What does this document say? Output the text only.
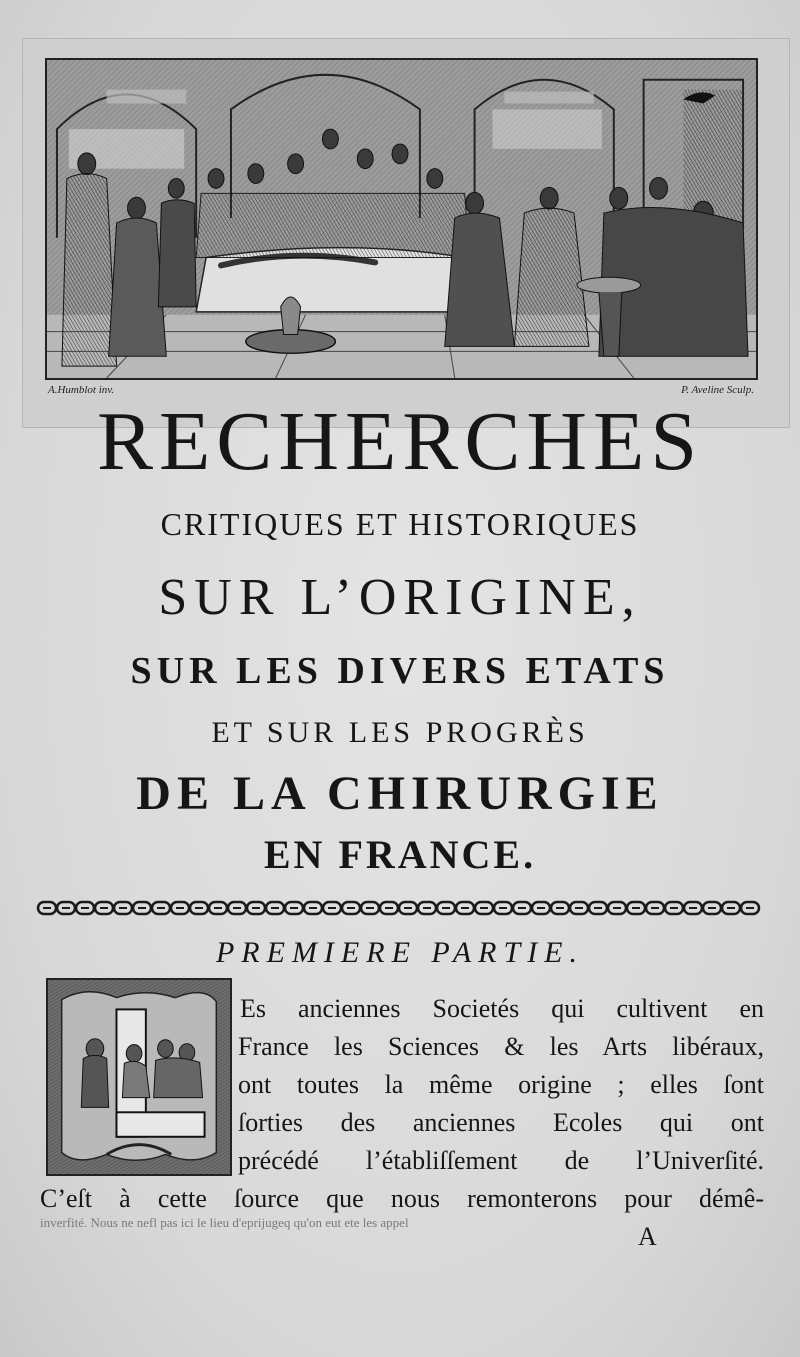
A.Humblot inv.	P. Aveline Sculp.
RECHERCHES
CRITIQUES ET HISTORIQUES
SUR L’ORIGINE,
SUR LES DIVERS ETATS
ET SUR LES PROGRÈS
DE LA CHIRURGIE
EN FRANCE.
PREMIERE PARTIE.
inverfité. Nous ne nefl pas ici le lieu d'eprijugeq qu'on eut ete les appel
Es anciennes Societés qui cultivent en
France les Sciences & les Arts libéraux,
ont toutes la même origine ; elles ſont
ſorties des anciennes Ecoles qui ont
précédé l’établiſſement de l’Univerſité.
C’eſt à cette ſource que nous remonterons pour démê-
A
